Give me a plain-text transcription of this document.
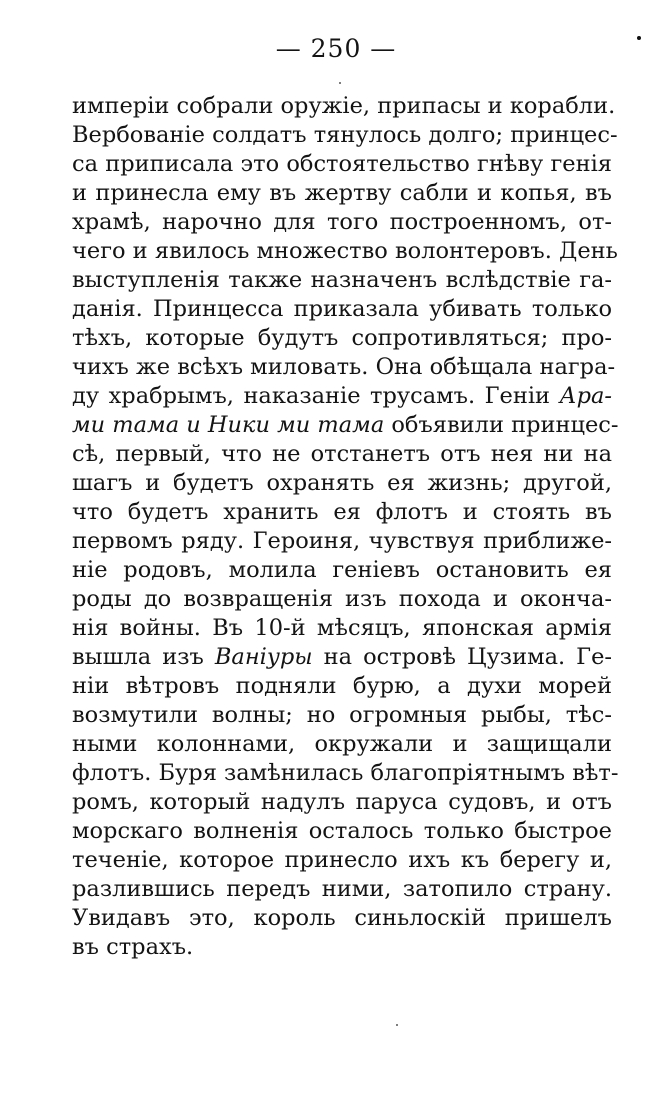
— 250 —
имперіи собрали оружіе, припасы и корабли.
Вербованіе солдатъ тянулось долго; принцес-
са приписала это обстоятельство гнѣву генія
и принесла ему въ жертву сабли и копья, въ
храмѣ, нарочно для того построенномъ, от-
чего и явилось множество волонтеровъ. День
выступленія также назначенъ вслѣдствіе га-
данія. Принцесса приказала убивать только
тѣхъ, которые будутъ сопротивляться; про-
чихъ же всѣхъ миловать. Она обѣщала награ-
ду храбрымъ, наказаніе трусамъ. Геніи Ара-
ми тама и Ники ми тама объявили принцес-
сѣ, первый, что не отстанетъ отъ нея ни на
шагъ и будетъ охранять ея жизнь; другой,
что будетъ хранить ея флотъ и стоять въ
первомъ ряду. Героиня, чувствуя приближе-
ніе родовъ, молила геніевъ остановить ея
роды до возвращенія изъ похода и оконча-
нія войны. Въ 10-й мѣсяцъ, японская армія
вышла изъ Ваніуры на островѣ Цузима. Ге-
ніи вѣтровъ подняли бурю, а духи морей
возмутили волны; но огромныя рыбы, тѣс-
ными колоннами, окружали и защищали
флотъ. Буря замѣнилась благопріятнымъ вѣт-
ромъ, который надулъ паруса судовъ, и отъ
морскаго волненія осталось только быстрое
теченіе, которое принесло ихъ къ берегу и,
разлившись передъ ними, затопило страну.
Увидавъ это, король синьлоскій пришелъ
въ страхъ.
